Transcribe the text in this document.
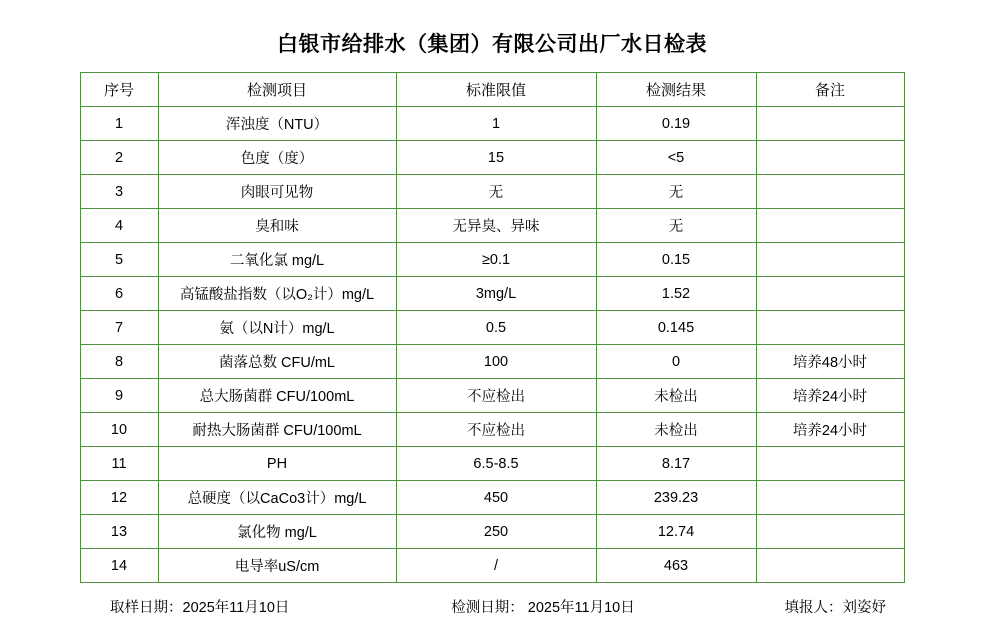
白银市给排水（集团）有限公司出厂水日检表
序号	检测项目	标准限值	检测结果	备注
1	浑浊度（NTU）	1	0.19	
2	色度（度）	15	<5	
3	肉眼可见物	无	无	
4	臭和味	无异臭、异味	无	
5	二氧化氯 mg/L	≥0.1	0.15	
6	高锰酸盐指数（以O₂计）mg/L	3mg/L	1.52	
7	氨（以N计）mg/L	0.5	0.145	
8	菌落总数 CFU/mL	100	0	培养48小时
9	总大肠菌群 CFU/100mL	不应检出	未检出	培养24小时
10	耐热大肠菌群 CFU/100mL	不应检出	未检出	培养24小时
11	PH	6.5-8.5	8.17	
12	总硬度（以CaCo3计）mg/L	450	239.23	
13	氯化物 mg/L	250	12.74	
14	电导率uS/cm	/	463	
取样日期：2025年11月10日	检测日期： 2025年11月10日	填报人：刘姿妤
